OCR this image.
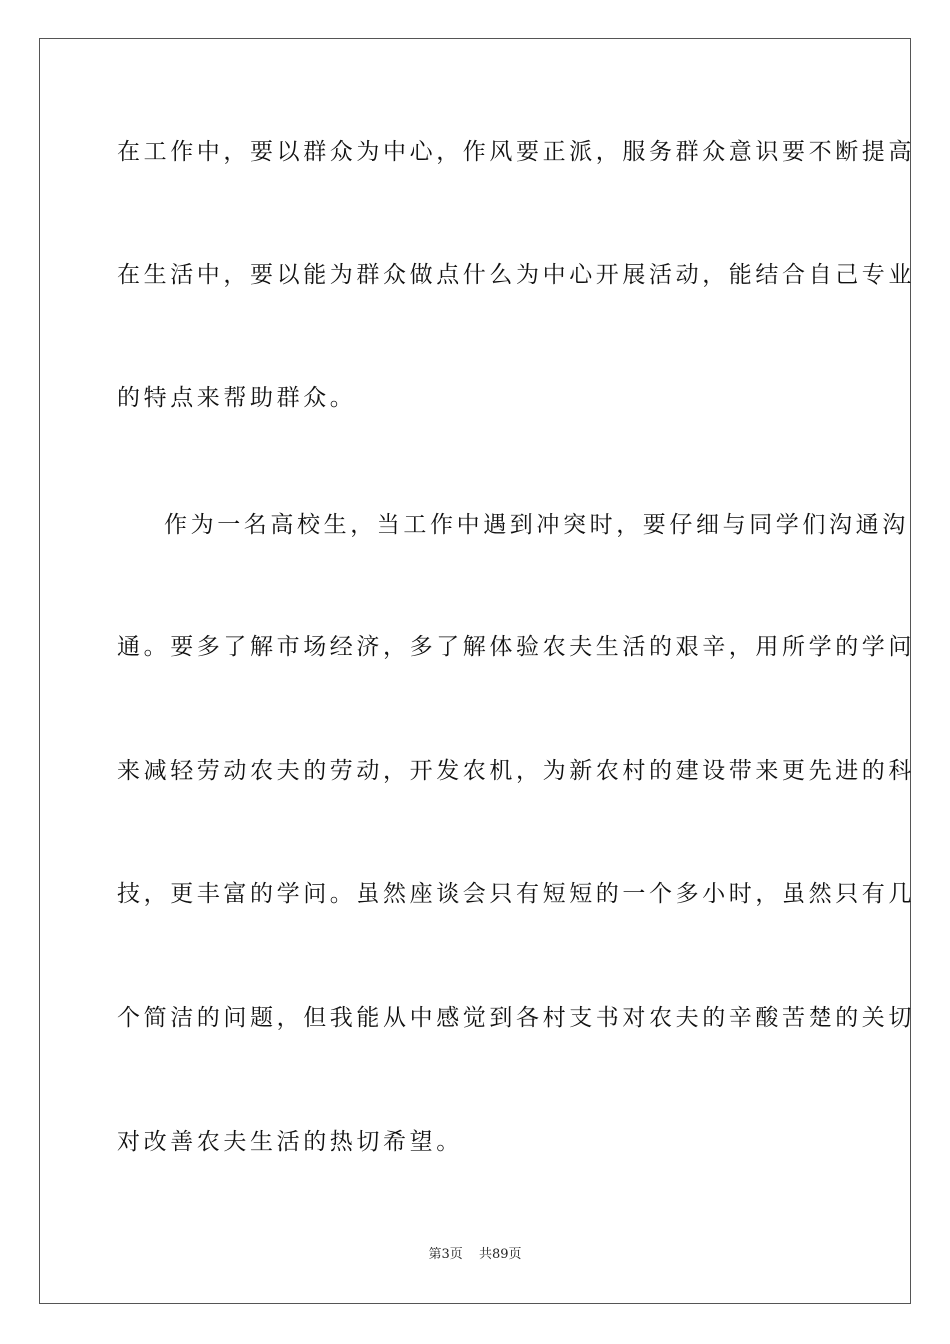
在工作中，要以群众为中心，作风要正派，服务群众意识要不断提高
在生活中，要以能为群众做点什么为中心开展活动，能结合自己专业
的特点来帮助群众。
作为一名高校生，当工作中遇到冲突时，要仔细与同学们沟通沟
通。要多了解市场经济，多了解体验农夫生活的艰辛，用所学的学问
来减轻劳动农夫的劳动，开发农机，为新农村的建设带来更先进的科
技，更丰富的学问。虽然座谈会只有短短的一个多小时，虽然只有几
个简洁的问题，但我能从中感觉到各村支书对农夫的辛酸苦楚的关切
对改善农夫生活的热切希望。
第3页 共89页
